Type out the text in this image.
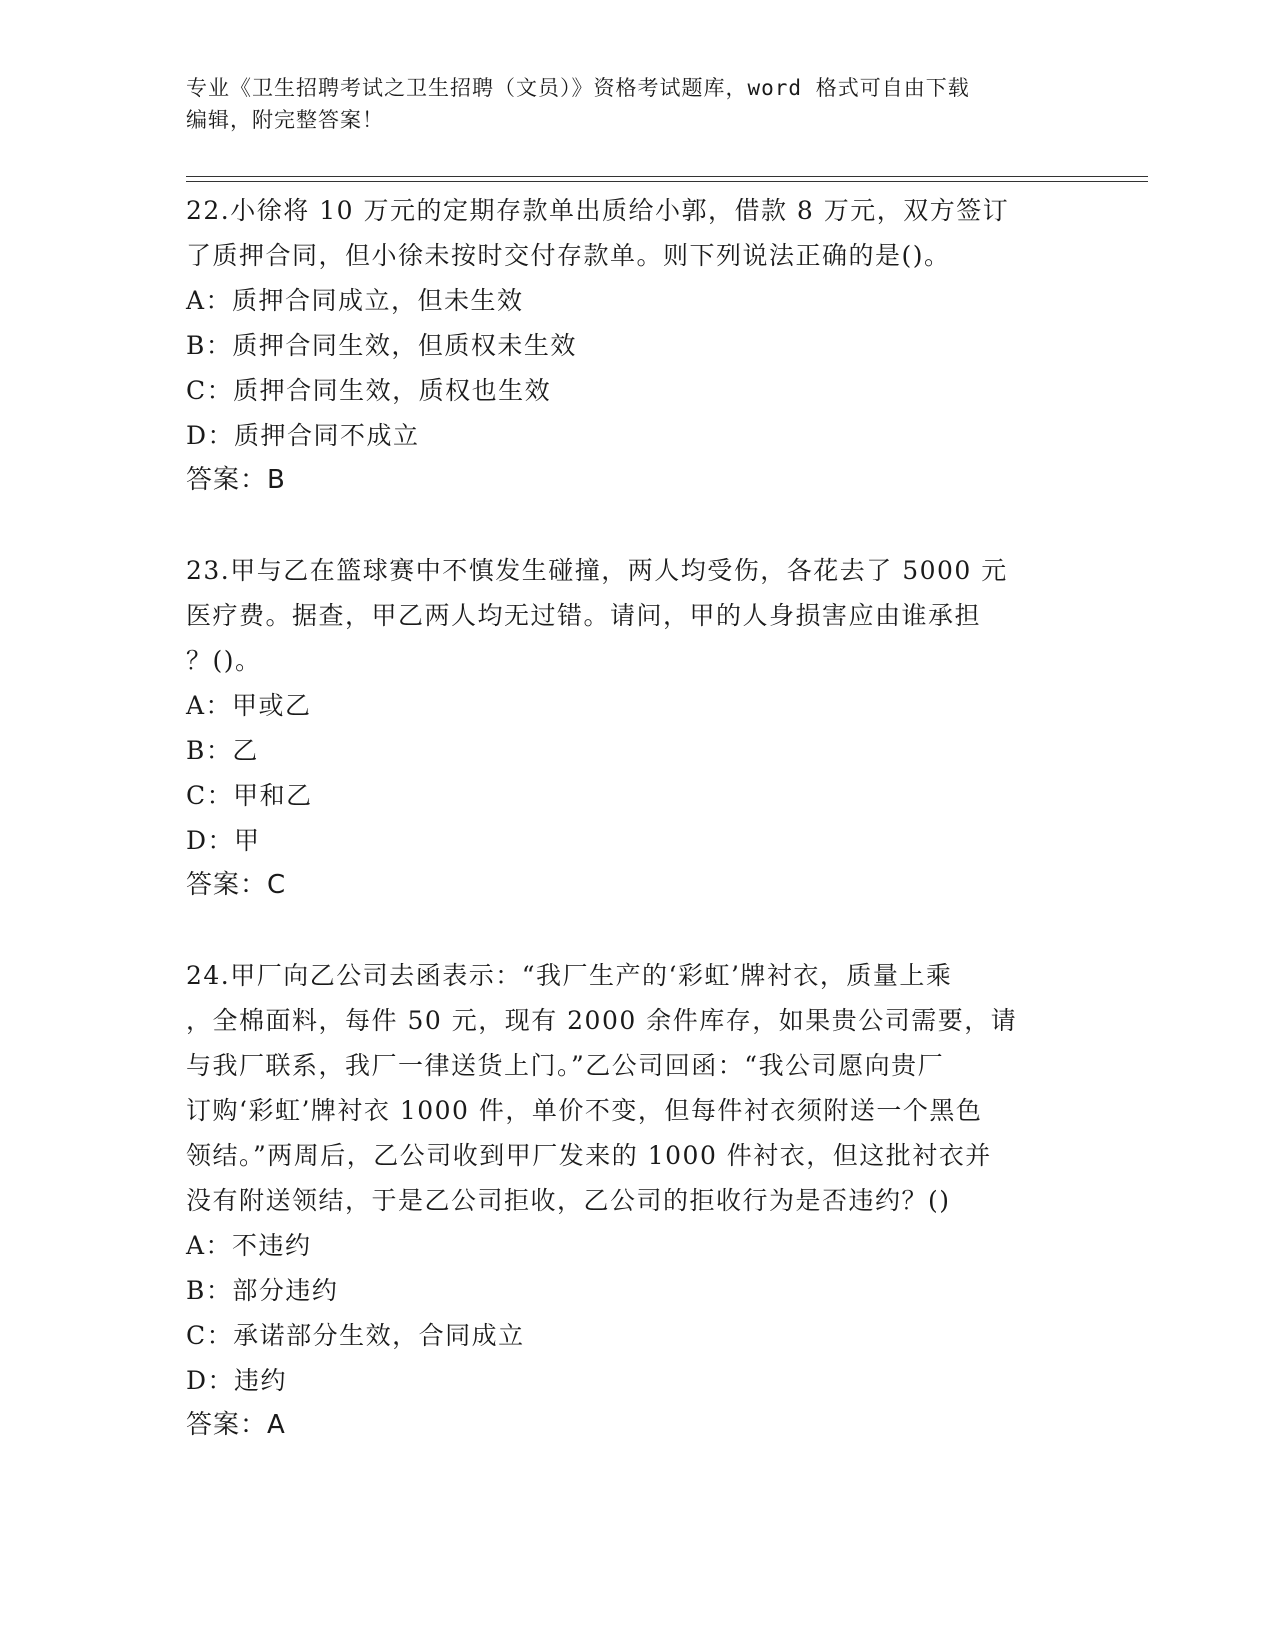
专业《卫生招聘考试之卫生招聘（文员）》资格考试题库，word 格式可自由下载
编辑，附完整答案！
22.小徐将 10 万元的定期存款单出质给小郭，借款 8 万元，双方签订
了质押合同，但小徐未按时交付存款单。则下列说法正确的是()。
A：质押合同成立，但未生效
B：质押合同生效，但质权未生效
C：质押合同生效，质权也生效
D：质押合同不成立
答案：B
23.甲与乙在篮球赛中不慎发生碰撞，两人均受伤，各花去了 5000 元
医疗费。据查，甲乙两人均无过错。请问，甲的人身损害应由谁承担
？()。
A：甲或乙
B：乙
C：甲和乙
D：甲
答案：C
24.甲厂向乙公司去函表示：“我厂生产的‘彩虹’牌衬衣，质量上乘
，全棉面料，每件 50 元，现有 2000 余件库存，如果贵公司需要，请
与我厂联系，我厂一律送货上门。”乙公司回函：“我公司愿向贵厂
订购‘彩虹’牌衬衣 1000 件，单价不变，但每件衬衣须附送一个黑色
领结。”两周后，乙公司收到甲厂发来的 1000 件衬衣，但这批衬衣并
没有附送领结，于是乙公司拒收，乙公司的拒收行为是否违约？()
A：不违约
B：部分违约
C：承诺部分生效，合同成立
D：违约
答案：A
